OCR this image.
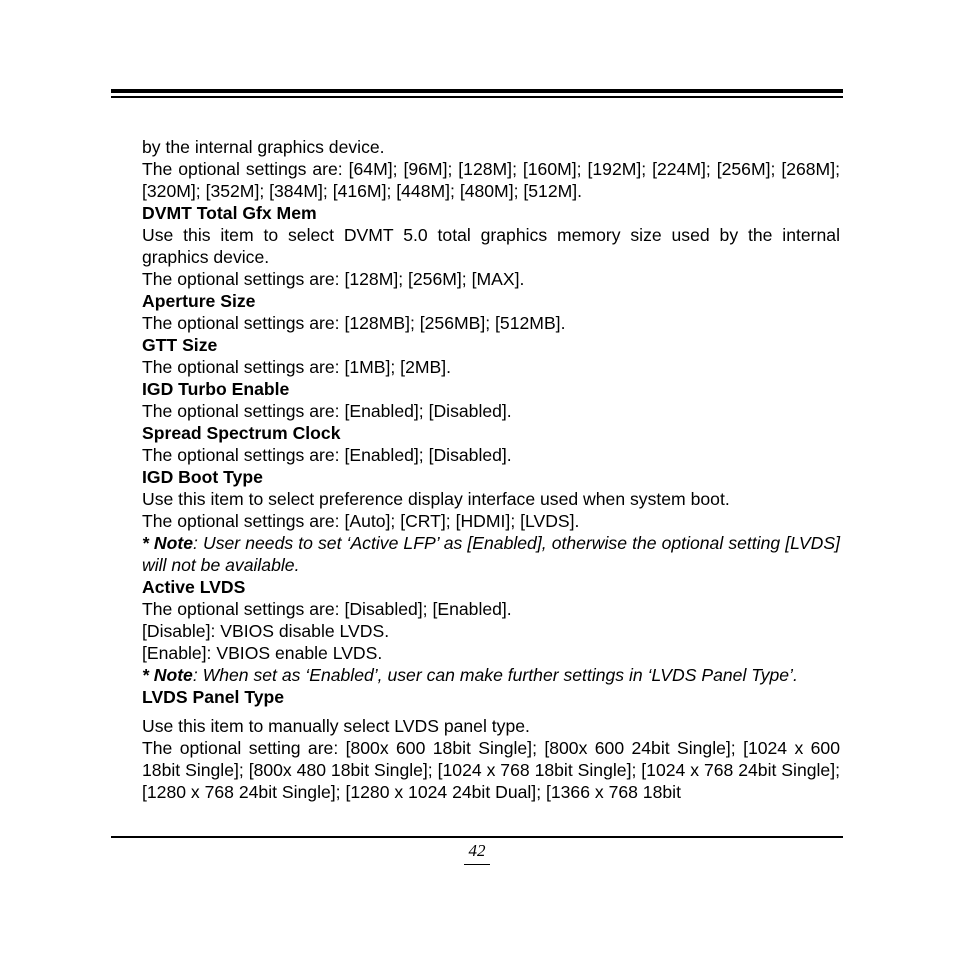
by the internal graphics device.

The optional settings are: [64M]; [96M]; [128M]; [160M]; [192M]; [224M]; [256M]; [268M]; [320M]; [352M]; [384M]; [416M]; [448M]; [480M]; [512M].

DVMT Total Gfx Mem

Use this item to select DVMT 5.0 total graphics memory size used by the internal graphics device.

The optional settings are: [128M]; [256M]; [MAX].

Aperture Size

The optional settings are: [128MB]; [256MB]; [512MB].

GTT Size

The optional settings are: [1MB]; [2MB].

IGD Turbo Enable

The optional settings are: [Enabled]; [Disabled].

Spread Spectrum Clock

The optional settings are: [Enabled]; [Disabled].

IGD Boot Type

Use this item to select preference display interface used when system boot.

The optional settings are: [Auto]; [CRT]; [HDMI]; [LVDS].

* Note: User needs to set ‘Active LFP’ as [Enabled], otherwise the optional setting [LVDS] will not be available.

Active LVDS

The optional settings are: [Disabled]; [Enabled].

[Disable]: VBIOS disable LVDS.

[Enable]: VBIOS enable LVDS.

* Note: When set as ‘Enabled’, user can make further settings in ‘LVDS Panel Type’.

LVDS Panel Type

Use this item to manually select LVDS panel type.

The optional setting are: [800x 600 18bit Single]; [800x 600 24bit Single]; [1024 x 600 18bit Single]; [800x 480 18bit Single]; [1024 x 768 18bit Single]; [1024 x 768 24bit Single]; [1280 x 768 24bit Single]; [1280 x 1024 24bit Dual]; [1366 x 768 18bit

42
